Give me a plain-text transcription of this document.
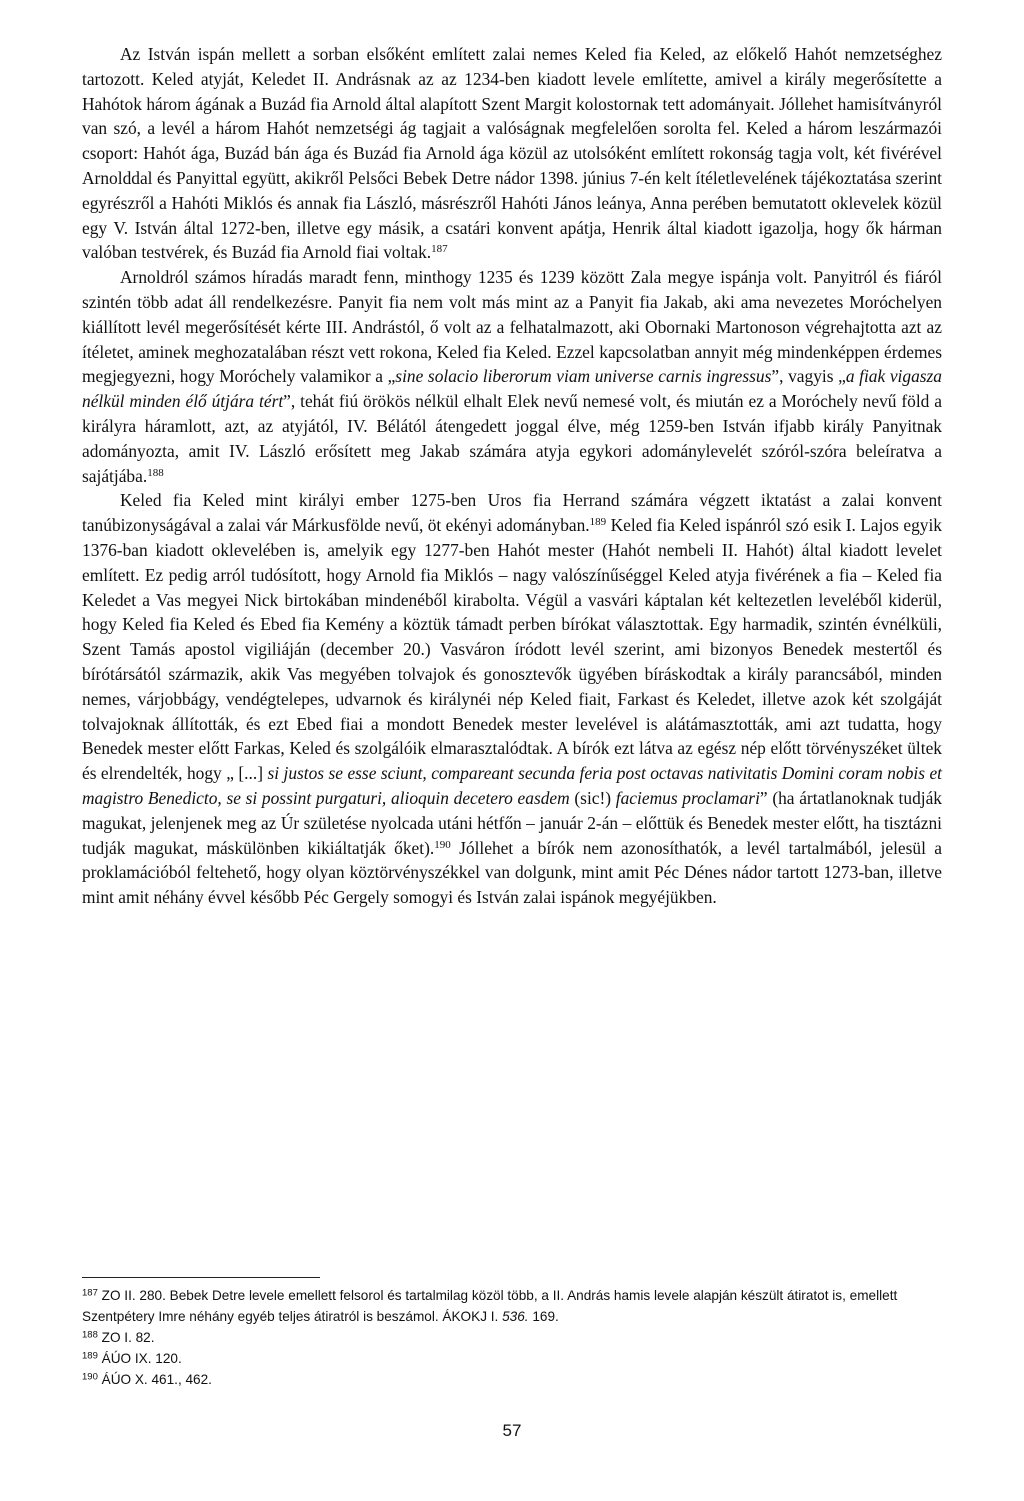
Az István ispán mellett a sorban elsőként említett zalai nemes Keled fia Keled, az előkelő Hahót nemzetséghez tartozott. Keled atyját, Keledet II. Andrásnak az az 1234-ben kiadott levele említette, amivel a király megerősítette a Hahótok három ágának a Buzád fia Arnold által alapított Szent Margit kolostornak tett adományait. Jóllehet hamisítványról van szó, a levél a három Hahót nemzetségi ág tagjait a valóságnak megfelelően sorolta fel. Keled a három leszármazói csoport: Hahót ága, Buzád bán ága és Buzád fia Arnold ága közül az utolsóként említett rokonság tagja volt, két fivérével Arnolddal és Panyittal együtt, akikről Pelsőci Bebek Detre nádor 1398. június 7-én kelt ítéletlevelének tájékoztatása szerint egyrészről a Hahóti Miklós és annak fia László, másrészről Hahóti János leánya, Anna perében bemutatott oklevelek közül egy V. István által 1272-ben, illetve egy másik, a csatári konvent apátja, Henrik által kiadott igazolja, hogy ők hárman valóban testvérek, és Buzád fia Arnold fiai voltak.$^{187}$

Arnoldról számos híradás maradt fenn, minthogy 1235 és 1239 között Zala megye ispánja volt. Panyitról és fiáról szintén több adat áll rendelkezésre. Panyit fia nem volt más mint az a Panyit fia Jakab, aki ama nevezetes Moróchelyen kiállított levél megerősítését kérte III. Andrástól, ő volt az a felhatalmazott, aki Obornaki Martonoson végrehajtotta azt az ítéletet, aminek meghozatalában részt vett rokona, Keled fia Keled. Ezzel kapcsolatban annyit még mindenképpen érdemes megjegyezni, hogy Moróchely valamikor a „sine solacio liberorum viam universe carnis ingressus”, vagyis „a fiak vigasza nélkül minden élő útjára tért”, tehát fiú örökös nélkül elhalt Elek nevű nemesé volt, és miután ez a Moróchely nevű föld a királyra háramlott, azt, az atyjától, IV. Bélától átengedett joggal élve, még 1259-ben István ifjabb király Panyitnak adományozta, amit IV. László erősített meg Jakab számára atyja egykori adománylevelét szóról-szóra beleíratva a sajátjába.$^{188}$

Keled fia Keled mint királyi ember 1275-ben Uros fia Herrand számára végzett iktatást a zalai konvent tanúbizonyságával a zalai vár Márkusfölde nevű, öt ekényi adományban.$^{189}$ Keled fia Keled ispánról szó esik I. Lajos egyik 1376-ban kiadott oklevelében is, amelyik egy 1277-ben Hahót mester (Hahót nembeli II. Hahót) által kiadott levelet említett. Ez pedig arról tudósított, hogy Arnold fia Miklós – nagy valószínűséggel Keled atyja fivérének a fia – Keled fia Keledet a Vas megyei Nick birtokában mindenéből kirabolta. Végül a vasvári káptalan két keltezetlen leveléből kiderül, hogy Keled fia Keled és Ebed fia Kemény a köztük támadt perben bírókat választottak. Egy harmadik, szintén évnélküli, Szent Tamás apostol vigiliáján (december 20.) Vasváron íródott levél szerint, ami bizonyos Benedek mestertől és bírótársától származik, akik Vas megyében tolvajok és gonosztevők ügyében bíráskodtak a király parancsából, minden nemes, várjobbágy, vendégtelepes, udvarnok és királynéi nép Keled fiait, Farkast és Keledet, illetve azok két szolgáját tolvajoknak állították, és ezt Ebed fiai a mondott Benedek mester levelével is alátámasztották, ami azt tudatta, hogy Benedek mester előtt Farkas, Keled és szolgálóik elmarasztalódtak. A bírók ezt látva az egész nép előtt törvényszéket ültek és elrendelték, hogy „ [...] si justos se esse sciunt, compareant secunda feria post octavas nativitatis Domini coram nobis et magistro Benedicto, se si possint purgaturi, alioquin decetero easdem (sic!) faciemus proclamari” (ha ártatlanoknak tudják magukat, jelenjenek meg az Úr születése nyolcada utáni hétfőn – január 2-án – előttük és Benedek mester előtt, ha tisztázni tudják magukat, máskülönben kikiáltatják őket).$^{190}$ Jóllehet a bírók nem azonosíthatók, a levél tartalmából, jelesül a proklamációból feltehető, hogy olyan köztörvényszékkel van dolgunk, mint amit Péc Dénes nádor tartott 1273-ban, illetve mint amit néhány évvel később Péc Gergely somogyi és István zalai ispánok megyéjükben.

$^{187}$ ZO II. 280. Bebek Detre levele emellett felsorol és tartalmilag közöl több, a II. András hamis levele alapján készült átiratot is, emellett Szentpétery Imre néhány egyéb teljes átiratról is beszámol. ÁKOKJ I. 536. 169.

$^{188}$ ZO I. 82.

$^{189}$ ÁÚO IX. 120.

$^{190}$ ÁÚO X. 461., 462.

57
